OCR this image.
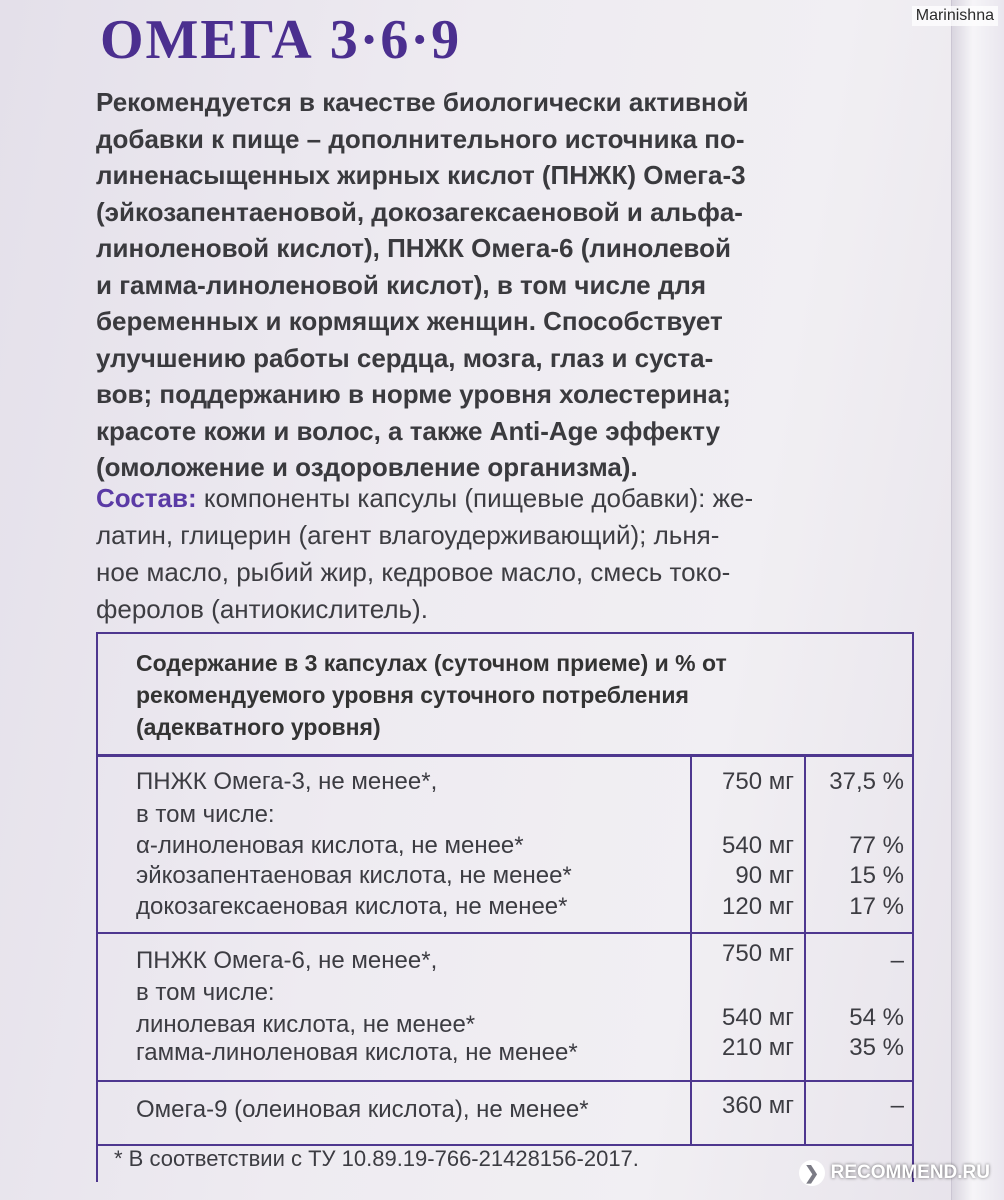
Marinishna
ОМЕГА 3·6·9
Рекомендуется в качестве биологически активной
добавки к пище – дополнительного источника по-
линенасыщенных жирных кислот (ПНЖК) Омега-3
(эйкозапентаеновой, докозагексаеновой и альфа-
линоленовой кислот), ПНЖК Омега-6 (линолевой
и гамма-линоленовой кислот), в том числе для
беременных и кормящих женщин. Способствует
улучшению работы сердца, мозга, глаз и суста-
вов; поддержанию в норме уровня холестерина;
красоте кожи и волос, а также Anti-Age эффекту
(омоложение и оздоровление организма).
Состав: компоненты капсулы (пищевые добавки): же-
латин, глицерин (агент влагоудерживающий); льня-
ное масло, рыбий жир, кедровое масло, смесь токо-
феролов (антиокислитель).
Содержание в 3 капсулах (суточном приеме) и % от
рекомендуемого уровня суточного потребления
(адекватного уровня)
ПНЖК Омега-3, не менее*,	750 мг	37,5 %
в том числе:
α-линоленовая кислота, не менее*	540 мг	77 %
эйкозапентаеновая кислота, не менее*	90 мг	15 %
докозагексаеновая кислота, не менее*	120 мг	17 %
ПНЖК Омега-6, не менее*,	750 мг	–
в том числе:
линолевая кислота, не менее*	540 мг	54 %
гамма-линоленовая кислота, не менее*	210 мг	35 %
Омега-9 (олеиновая кислота), не менее*	360 мг	–
* В соответствии с ТУ 10.89.19-766-21428156-2017.
❯ RECOMMEND.RU
